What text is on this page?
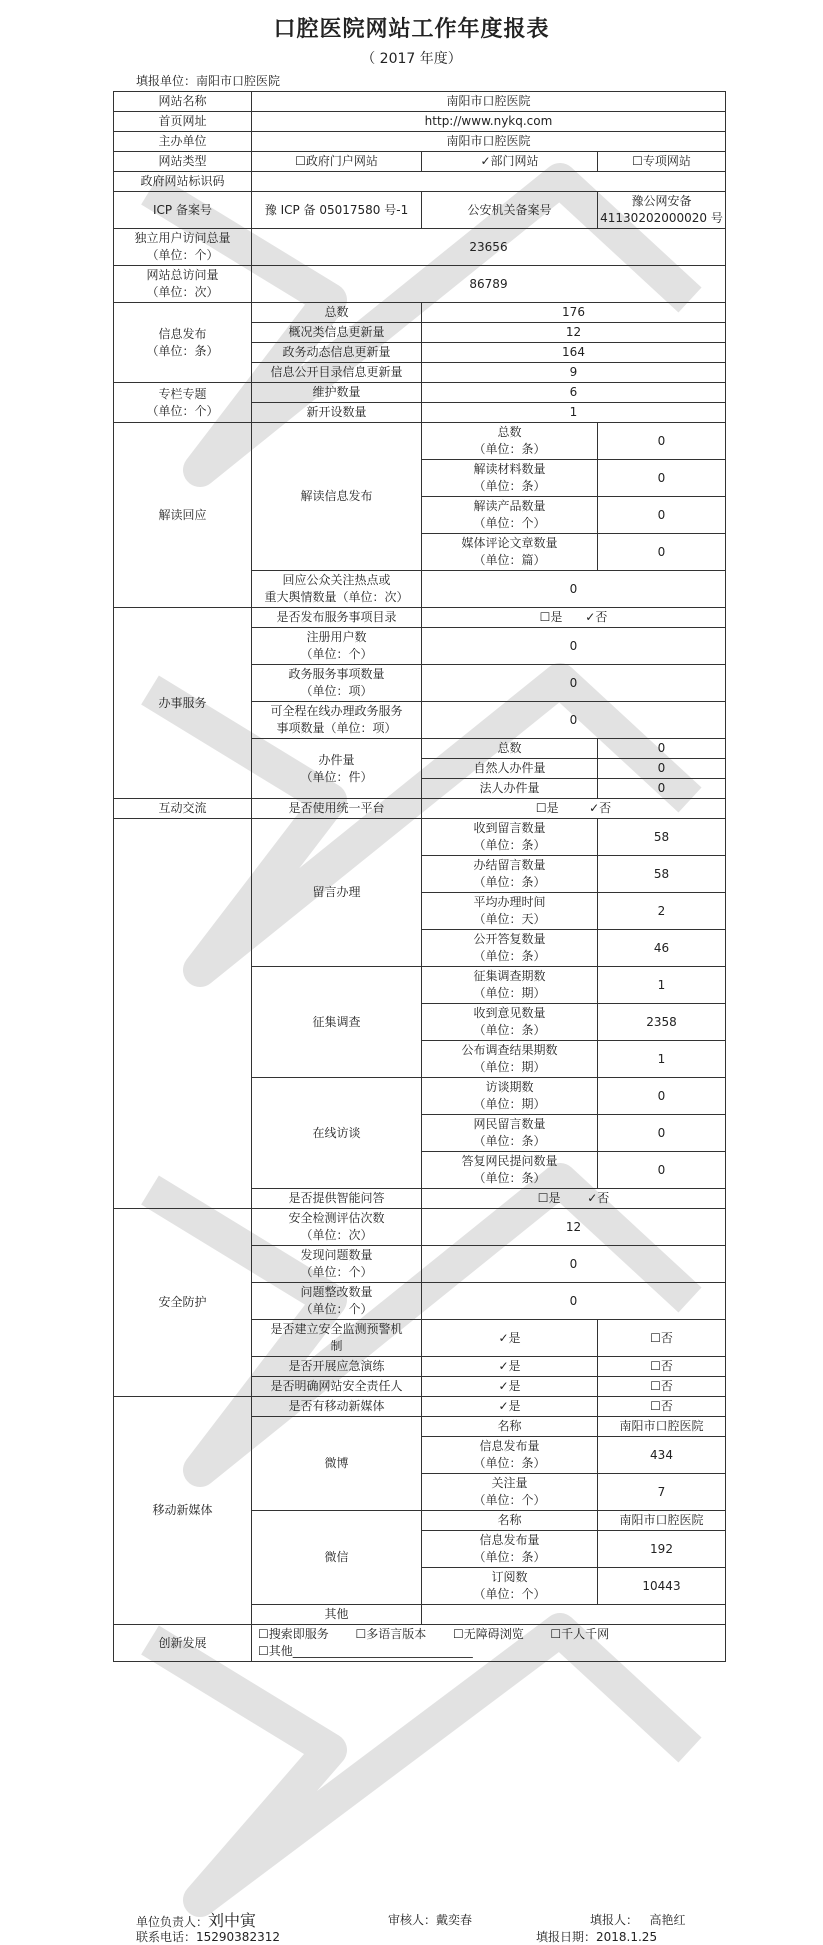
口腔医院网站工作年度报表
（ 2017 年度）
填报单位：南阳市口腔医院
网站名称	南阳市口腔医院		
首页网址	http://www.nykq.com		
主办单位	南阳市口腔医院		
网站类型	☐政府门户网站	✓部门网站	☐专项网站
政府网站标识码			
ICP 备案号	豫 ICP 备 05017580 号-1	公安机关备案号	豫公网安备
41130202000020 号
独立用户访问总量
（单位：个）	23656		
网站总访问量
（单位：次）	86789		
信息发布
（单位：条）	总数	176	
	概况类信息更新量	12	
	政务动态信息更新量	164	
	信息公开目录信息更新量	9	
专栏专题
（单位：个）	维护数量	6	
	新开设数量	1	
解读回应	解读信息发布	总数
（单位：条）	0
		解读材料数量
（单位：条）	0
		解读产品数量
（单位：个）	0
		媒体评论文章数量
（单位：篇）	0
	回应公众关注热点或
重大舆情数量（单位：次）	0	
办事服务	是否发布服务事项目录	☐是 ✓否	
	注册用户数
（单位：个）	0	
	政务服务事项数量
（单位：项）	0	
	可全程在线办理政务服务
事项数量（单位：项）	0	
	办件量
（单位：件）	总数	0
		自然人办件量	0
		法人办件量	0
互动交流	是否使用统一平台	☐是 ✓否	
	留言办理	收到留言数量
（单位：条）	58
		办结留言数量
（单位：条）	58
		平均办理时间
（单位：天）	2
		公开答复数量
（单位：条）	46
	征集调查	征集调查期数
（单位：期）	1
		收到意见数量
（单位：条）	2358
		公布调查结果期数
（单位：期）	1
	在线访谈	访谈期数
（单位：期）	0
		网民留言数量
（单位：条）	0
		答复网民提问数量
（单位：条）	0
	是否提供智能问答	☐是 ✓否	
安全防护	安全检测评估次数
（单位：次）	12	
	发现问题数量
（单位：个）	0	
	问题整改数量
（单位：个）	0	
	是否建立安全监测预警机
制	✓是	☐否
	是否开展应急演练	✓是	☐否
	是否明确网站安全责任人	✓是	☐否
移动新媒体	是否有移动新媒体	✓是	☐否
	微博	名称	南阳市口腔医院
		信息发布量
（单位：条）	434
		关注量
（单位：个）	7
	微信	名称	南阳市口腔医院
		信息发布量
（单位：条）	192
		订阅数
（单位：个）	10443
	其他		
创新发展	☐搜索即服务 ☐多语言版本 ☐无障碍浏览 ☐千人千网
☐其他______________________________		
单位负责人：刘中寅	审核人：戴奕春	填报人： 高艳红
联系电话：15290382312	填报日期：2018.1.25
